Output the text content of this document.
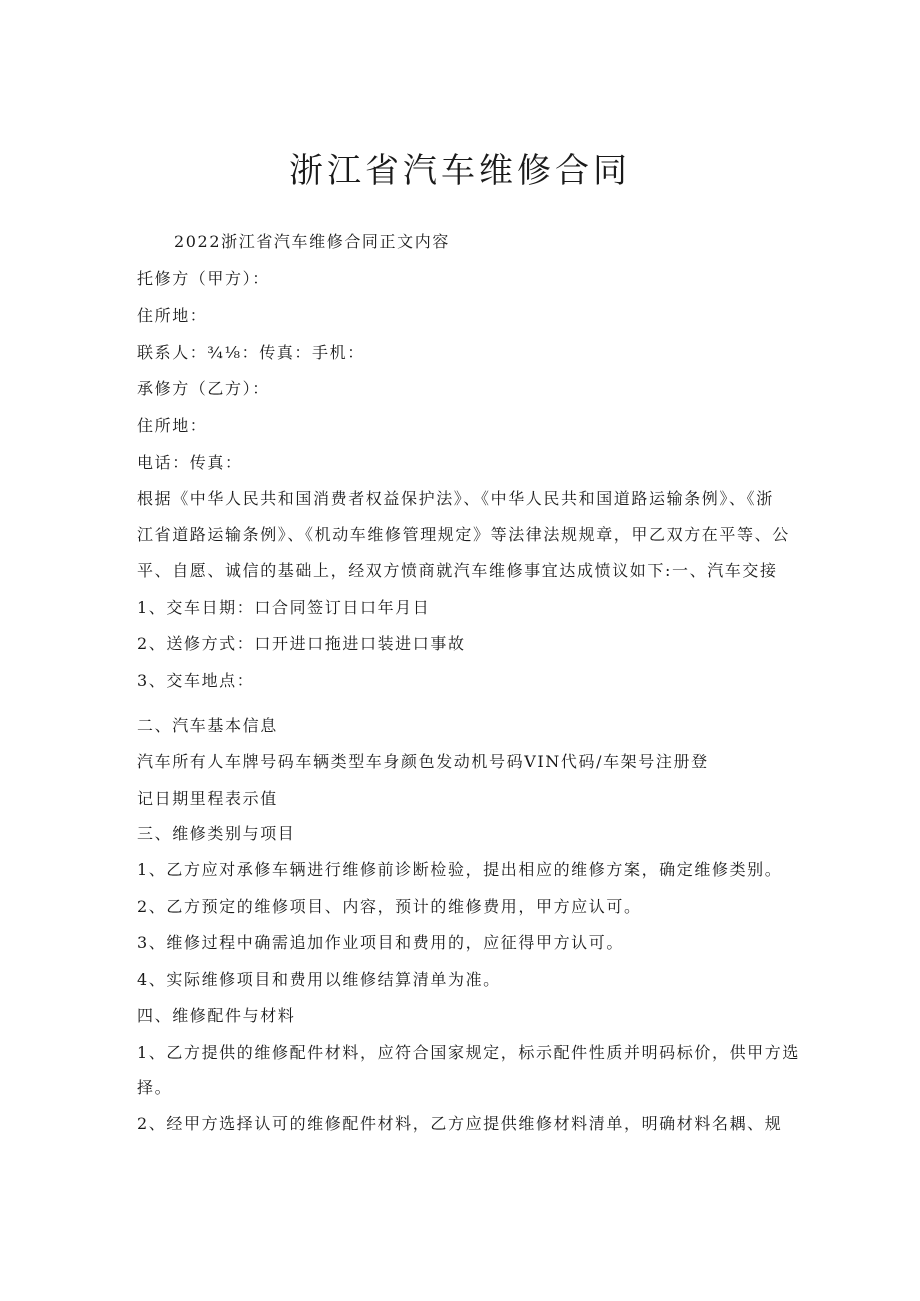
浙江省汽车维修合同
2022浙江省汽车维修合同正文内容
托修方（甲方）：
住所地：
联系人：¾⅛：传真：手机：
承修方（乙方）：
住所地：
电话：传真：
根据《中华人民共和国消费者权益保护法》、《中华人民共和国道路运输条例》、《浙
江省道路运输条例》、《机动车维修管理规定》等法律法规规章，甲乙双方在平等、公
平、自愿、诚信的基础上，经双方愤商就汽车维修事宜达成愤议如下:一、汽车交接
1、交车日期：口合同签订日口年月日
2、送修方式：口开进口拖进口装进口事故
3、交车地点：
二、汽车基本信息
汽车所有人车牌号码车辆类型车身颜色发动机号码VIN代码/车架号注册登
记日期里程表示值
三、维修类别与项目
1、乙方应对承修车辆进行维修前诊断检验，提出相应的维修方案，确定维修类别。
2、乙方预定的维修项目、内容，预计的维修费用，甲方应认可。
3、维修过程中确需追加作业项目和费用的，应征得甲方认可。
4、实际维修项目和费用以维修结算清单为准。
四、维修配件与材料
1、乙方提供的维修配件材料，应符合国家规定，标示配件性质并明码标价，供甲方选
择。
2、经甲方选择认可的维修配件材料，乙方应提供维修材料清单，明确材料名耦、规
